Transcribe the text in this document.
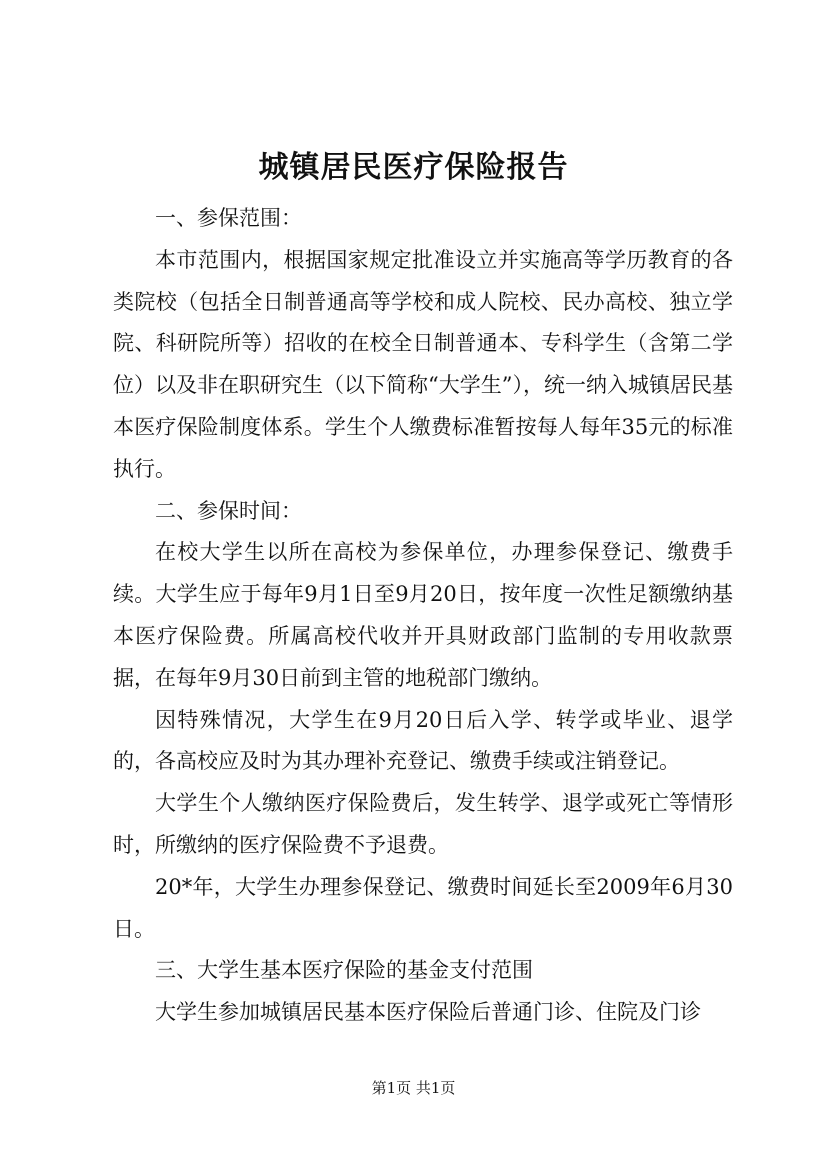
城镇居民医疗保险报告

一、参保范围：

本市范围内，根据国家规定批准设立并实施高等学历教育的各类院校（包括全日制普通高等学校和成人院校、民办高校、独立学院、科研院所等）招收的在校全日制普通本、专科学生（含第二学位）以及非在职研究生（以下简称“大学生”），统一纳入城镇居民基本医疗保险制度体系。学生个人缴费标准暂按每人每年35元的标准执行。

二、参保时间：

在校大学生以所在高校为参保单位，办理参保登记、缴费手续。大学生应于每年9月1日至9月20日，按年度一次性足额缴纳基本医疗保险费。所属高校代收并开具财政部门监制的专用收款票据，在每年9月30日前到主管的地税部门缴纳。

因特殊情况，大学生在9月20日后入学、转学或毕业、退学的，各高校应及时为其办理补充登记、缴费手续或注销登记。

大学生个人缴纳医疗保险费后，发生转学、退学或死亡等情形时，所缴纳的医疗保险费不予退费。

20*年，大学生办理参保登记、缴费时间延长至2009年6月30日。

三、大学生基本医疗保险的基金支付范围

大学生参加城镇居民基本医疗保险后普通门诊、住院及门诊

第1页 共1页
